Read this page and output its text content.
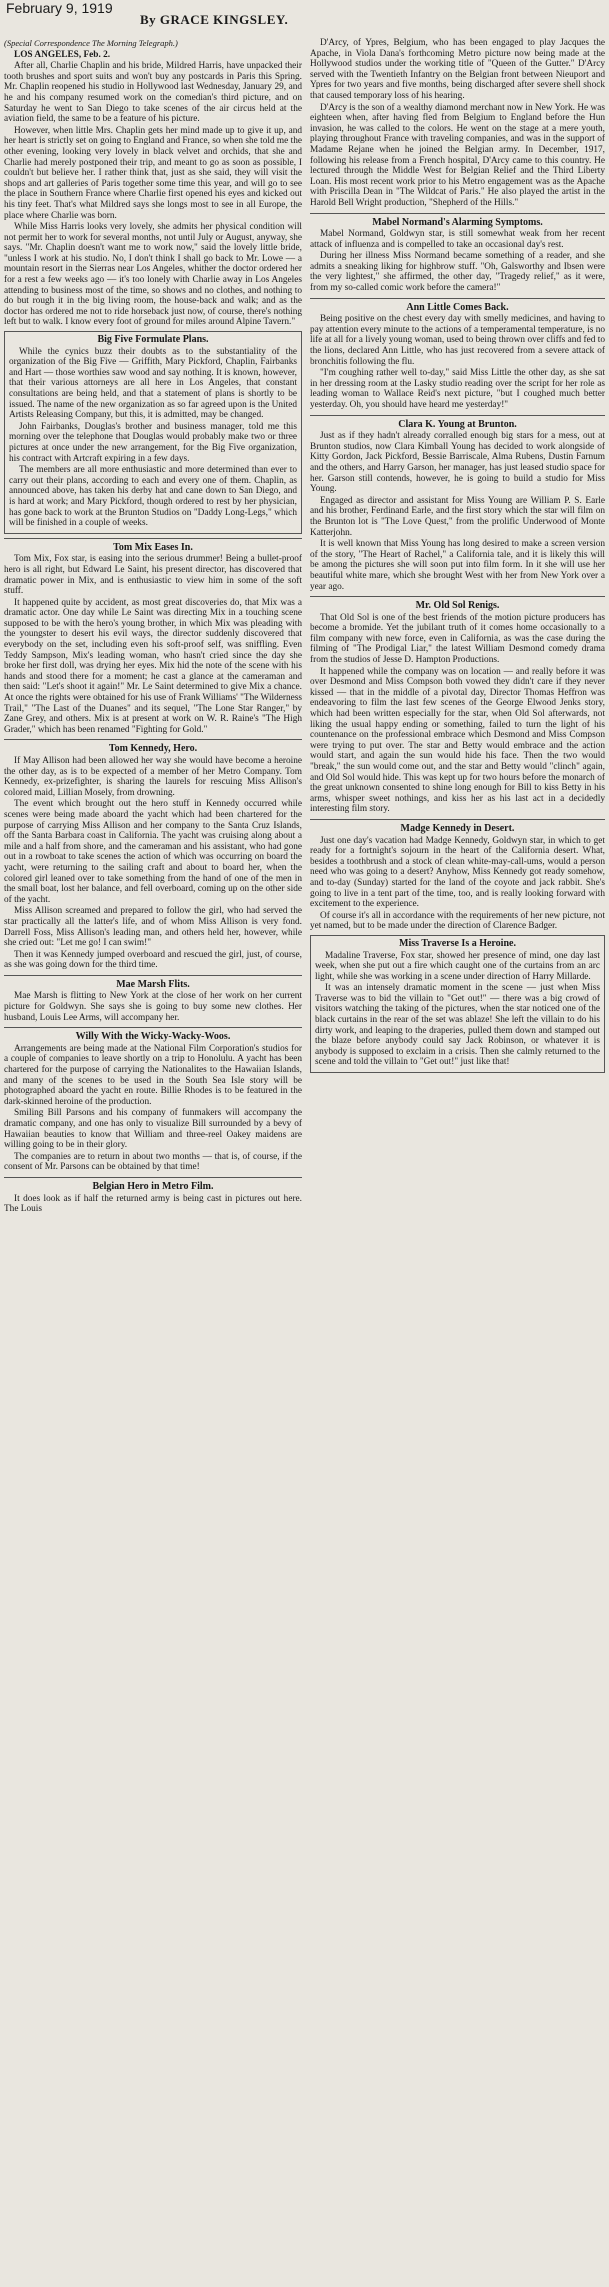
February 9, 1919
By GRACE KINGSLEY.

(Special Correspondence The Morning Telegraph.)

LOS ANGELES, Feb. 2.

After all, Charlie Chaplin and his bride, Mildred Harris, have unpacked their tooth brushes and sport suits and won't buy any postcards in Paris this Spring. Mr. Chaplin reopened his studio in Hollywood last Wednesday, January 29, and he and his company resumed work on the comedian's third picture, and on Saturday he went to San Diego to take scenes of the air circus held at the aviation field, the same to be a feature of his picture.

However, when little Mrs. Chaplin gets her mind made up to give it up, and her heart is strictly set on going to England and France, so when she told me the other evening, looking very lovely in black velvet and orchids, that she and Charlie had merely postponed their trip, and meant to go as soon as possible, I couldn't but believe her. I rather think that, just as she said, they will visit the shops and art galleries of Paris together some time this year, and will go to see the place in Southern France where Charlie first opened his eyes and kicked out his tiny feet. That's what Mildred says she longs most to see in all Europe, the place where Charlie was born.

While Miss Harris looks very lovely, she admits her physical condition will not permit her to work for several months, not until July or August, anyway, she says. "Mr. Chaplin doesn't want me to work now," said the lovely little bride, "unless I work at his studio. No, I don't think I shall go back to Mr. Lowe — a mountain resort in the Sierras near Los Angeles, whither the doctor ordered her for a rest a few weeks ago — it's too lonely with Charlie away in Los Angeles attending to business most of the time, so shows and no clothes, and nothing to do but rough it in the big living room, the house-back and walk; and as the doctor has ordered me not to ride horseback just now, of course, there's nothing left but to walk. I know every foot of ground for miles around Alpine Tavern."

Big Five Formulate Plans.

While the cynics buzz their doubts as to the substantiality of the organization of the Big Five — Griffith, Mary Pickford, Chaplin, Fairbanks and Hart — those worthies saw wood and say nothing. It is known, however, that their various attorneys are all here in Los Angeles, that constant consultations are being held, and that a statement of plans is shortly to be issued. The name of the new organization as so far agreed upon is the United Artists Releasing Company, but this, it is admitted, may be changed.

John Fairbanks, Douglas's brother and business manager, told me this morning over the telephone that Douglas would probably make two or three pictures at once under the new arrangement, for the Big Five organization, his contract with Artcraft expiring in a few days.

The members are all more enthusiastic and more determined than ever to carry out their plans, according to each and every one of them. Chaplin, as announced above, has taken his derby hat and cane down to San Diego, and is hard at work; and Mary Pickford, though ordered to rest by her physician, has gone back to work at the Brunton Studios on "Daddy Long-Legs," which will be finished in a couple of weeks.

Tom Mix Eases In.

Tom Mix, Fox star, is easing into the serious drummer! Being a bullet-proof hero is all right, but Edward Le Saint, his present director, has discovered that dramatic power in Mix, and is enthusiastic to view him in some of the soft stuff.

It happened quite by accident, as most great discoveries do, that Mix was a dramatic actor. One day while Le Saint was directing Mix in a touching scene supposed to be with the hero's young brother, in which Mix was pleading with the youngster to desert his evil ways, the director suddenly discovered that everybody on the set, including even his soft-proof self, was sniffling. Even Teddy Sampson, Mix's leading woman, who hasn't cried since the day she broke her first doll, was drying her eyes. Mix hid the note of the scene with his hands and stood there for a moment; he cast a glance at the cameraman and then said: "Let's shoot it again!" Mr. Le Saint determined to give Mix a chance. At once the rights were obtained for his use of Frank Williams' "The Wilderness Trail," "The Last of the Duanes" and its sequel, "The Lone Star Ranger," by Zane Grey, and others. Mix is at present at work on W. R. Raine's "The High Grader," which has been renamed "Fighting for Gold."

Tom Kennedy, Hero.

If May Allison had been allowed her way she would have become a heroine the other day, as is to be expected of a member of her Metro Company. Tom Kennedy, ex-prizefighter, is sharing the laurels for rescuing Miss Allison's colored maid, Lillian Mosely, from drowning.

The event which brought out the hero stuff in Kennedy occurred while scenes were being made aboard the yacht which had been chartered for the purpose of carrying Miss Allison and her company to the Santa Cruz Islands, off the Santa Barbara coast in California. The yacht was cruising along about a mile and a half from shore, and the cameraman and his assistant, who had gone out in a rowboat to take scenes the action of which was occurring on board the yacht, were returning to the sailing craft and about to board her, when the colored girl leaned over to take something from the hand of one of the men in the small boat, lost her balance, and fell overboard, coming up on the other side of the yacht.

Miss Allison screamed and prepared to follow the girl, who had served the star practically all the latter's life, and of whom Miss Allison is very fond. Darrell Foss, Miss Allison's leading man, and others held her, however, while she cried out: "Let me go! I can swim!"

Then it was Kennedy jumped overboard and rescued the girl, just, of course, as she was going down for the third time.

Mae Marsh Flits.

Mae Marsh is flitting to New York at the close of her work on her current picture for Goldwyn. She says she is going to buy some new clothes. Her husband, Louis Lee Arms, will accompany her.

Willy With the Wicky-Wacky-Woos.

Arrangements are being made at the National Film Corporation's studios for a couple of companies to leave shortly on a trip to Honolulu. A yacht has been chartered for the purpose of carrying the Nationalites to the Hawaiian Islands, and many of the scenes to be used in the South Sea Isle story will be photographed aboard the yacht en route. Billie Rhodes is to be featured in the dark-skinned heroine of the production.

Smiling Bill Parsons and his company of funmakers will accompany the dramatic company, and one has only to visualize Bill surrounded by a bevy of Hawaiian beauties to know that William and three-reel Oakey maidens are willing going to be in their glory.

The companies are to return in about two months — that is, of course, if the consent of Mr. Parsons can be obtained by that time!

Belgian Hero in Metro Film.

It does look as if half the returned army is being cast in pictures out here. The Louis

D'Arcy, of Ypres, Belgium, who has been engaged to play Jacques the Apache, in Viola Dana's forthcoming Metro picture now being made at the Hollywood studios under the working title of "Queen of the Gutter." D'Arcy served with the Twentieth Infantry on the Belgian front between Nieuport and Ypres for two years and five months, being discharged after severe shell shock that caused temporary loss of his hearing.

D'Arcy is the son of a wealthy diamond merchant now in New York. He was eighteen when, after having fled from Belgium to England before the Hun invasion, he was called to the colors. He went on the stage at a mere youth, playing throughout France with traveling companies, and was in the support of Madame Rejane when he joined the Belgian army. In December, 1917, following his release from a French hospital, D'Arcy came to this country. He lectured through the Middle West for Belgian Relief and the Third Liberty Loan. His most recent work prior to his Metro engagement was as the Apache with Priscilla Dean in "The Wildcat of Paris." He also played the artist in the Harold Bell Wright production, "Shepherd of the Hills."

Mabel Normand's Alarming Symptoms.

Mabel Normand, Goldwyn star, is still somewhat weak from her recent attack of influenza and is compelled to take an occasional day's rest.

During her illness Miss Normand became something of a reader, and she admits a sneaking liking for highbrow stuff. "Oh, Galsworthy and Ibsen were the very lightest," she affirmed, the other day, "Tragedy relief," as it were, from my so-called comic work before the camera!"

Ann Little Comes Back.

Being positive on the chest every day with smelly medicines, and having to pay attention every minute to the actions of a temperamental temperature, is no life at all for a lively young woman, used to being thrown over cliffs and fed to the lions, declared Ann Little, who has just recovered from a severe attack of bronchitis following the flu.

"I'm coughing rather well to-day," said Miss Little the other day, as she sat in her dressing room at the Lasky studio reading over the script for her role as leading woman to Wallace Reid's next picture, "but I coughed much better yesterday. Oh, you should have heard me yesterday!"

Clara K. Young at Brunton.

Just as if they hadn't already corralled enough big stars for a mess, out at Brunton studios, now Clara Kimball Young has decided to work alongside of Kitty Gordon, Jack Pickford, Bessie Barriscale, Alma Rubens, Dustin Farnum and the others, and Harry Garson, her manager, has just leased studio space for her. Garson still contends, however, he is going to build a studio for Miss Young.

Engaged as director and assistant for Miss Young are William P. S. Earle and his brother, Ferdinand Earle, and the first story which the star will film on the Brunton lot is "The Love Quest," from the prolific Underwood of Monte Katterjohn.

It is well known that Miss Young has long desired to make a screen version of the story, "The Heart of Rachel," a California tale, and it is likely this will be among the pictures she will soon put into film form. In it she will use her beautiful white mare, which she brought West with her from New York over a year ago.

Mr. Old Sol Renigs.

That Old Sol is one of the best friends of the motion picture producers has become a bromide. Yet the jubilant truth of it comes home occasionally to a film company with new force, even in California, as was the case during the filming of "The Prodigal Liar," the latest William Desmond comedy drama from the studios of Jesse D. Hampton Productions.

It happened while the company was on location — and really before it was over Desmond and Miss Compson both vowed they didn't care if they never kissed — that in the middle of a pivotal day, Director Thomas Heffron was endeavoring to film the last few scenes of the George Elwood Jenks story, which had been written especially for the star, when Old Sol afterwards, not liking the usual happy ending or something, failed to turn the light of his countenance on the professional embrace which Desmond and Miss Compson were trying to put over. The star and Betty would embrace and the action would start, and again the sun would hide his face. Then the two would "break," the sun would come out, and the star and Betty would "clinch" again, and Old Sol would hide. This was kept up for two hours before the monarch of the great unknown consented to shine long enough for Bill to kiss Betty in his arms, whisper sweet nothings, and kiss her as his last act in a decidedly interesting film story.

Madge Kennedy in Desert.

Just one day's vacation had Madge Kennedy, Goldwyn star, in which to get ready for a fortnight's sojourn in the heart of the California desert. What, besides a toothbrush and a stock of clean white-may-call-ums, would a person need who was going to a desert? Anyhow, Miss Kennedy got ready somehow, and to-day (Sunday) started for the land of the coyote and jack rabbit. She's going to live in a tent part of the time, too, and is really looking forward with excitement to the experience.

Of course it's all in accordance with the requirements of her new picture, not yet named, but to be made under the direction of Clarence Badger.

Miss Traverse Is a Heroine.

Madaline Traverse, Fox star, showed her presence of mind, one day last week, when she put out a fire which caught one of the curtains from an arc light, while she was working in a scene under direction of Harry Millarde.

It was an intensely dramatic moment in the scene — just when Miss Traverse was to bid the villain to "Get out!" — there was a big crowd of visitors watching the taking of the pictures, when the star noticed one of the black curtains in the rear of the set was ablaze! She left the villain to do his dirty work, and leaping to the draperies, pulled them down and stamped out the blaze before anybody could say Jack Robinson, or whatever it is anybody is supposed to exclaim in a crisis. Then she calmly returned to the scene and told the villain to "Get out!" just like that!
